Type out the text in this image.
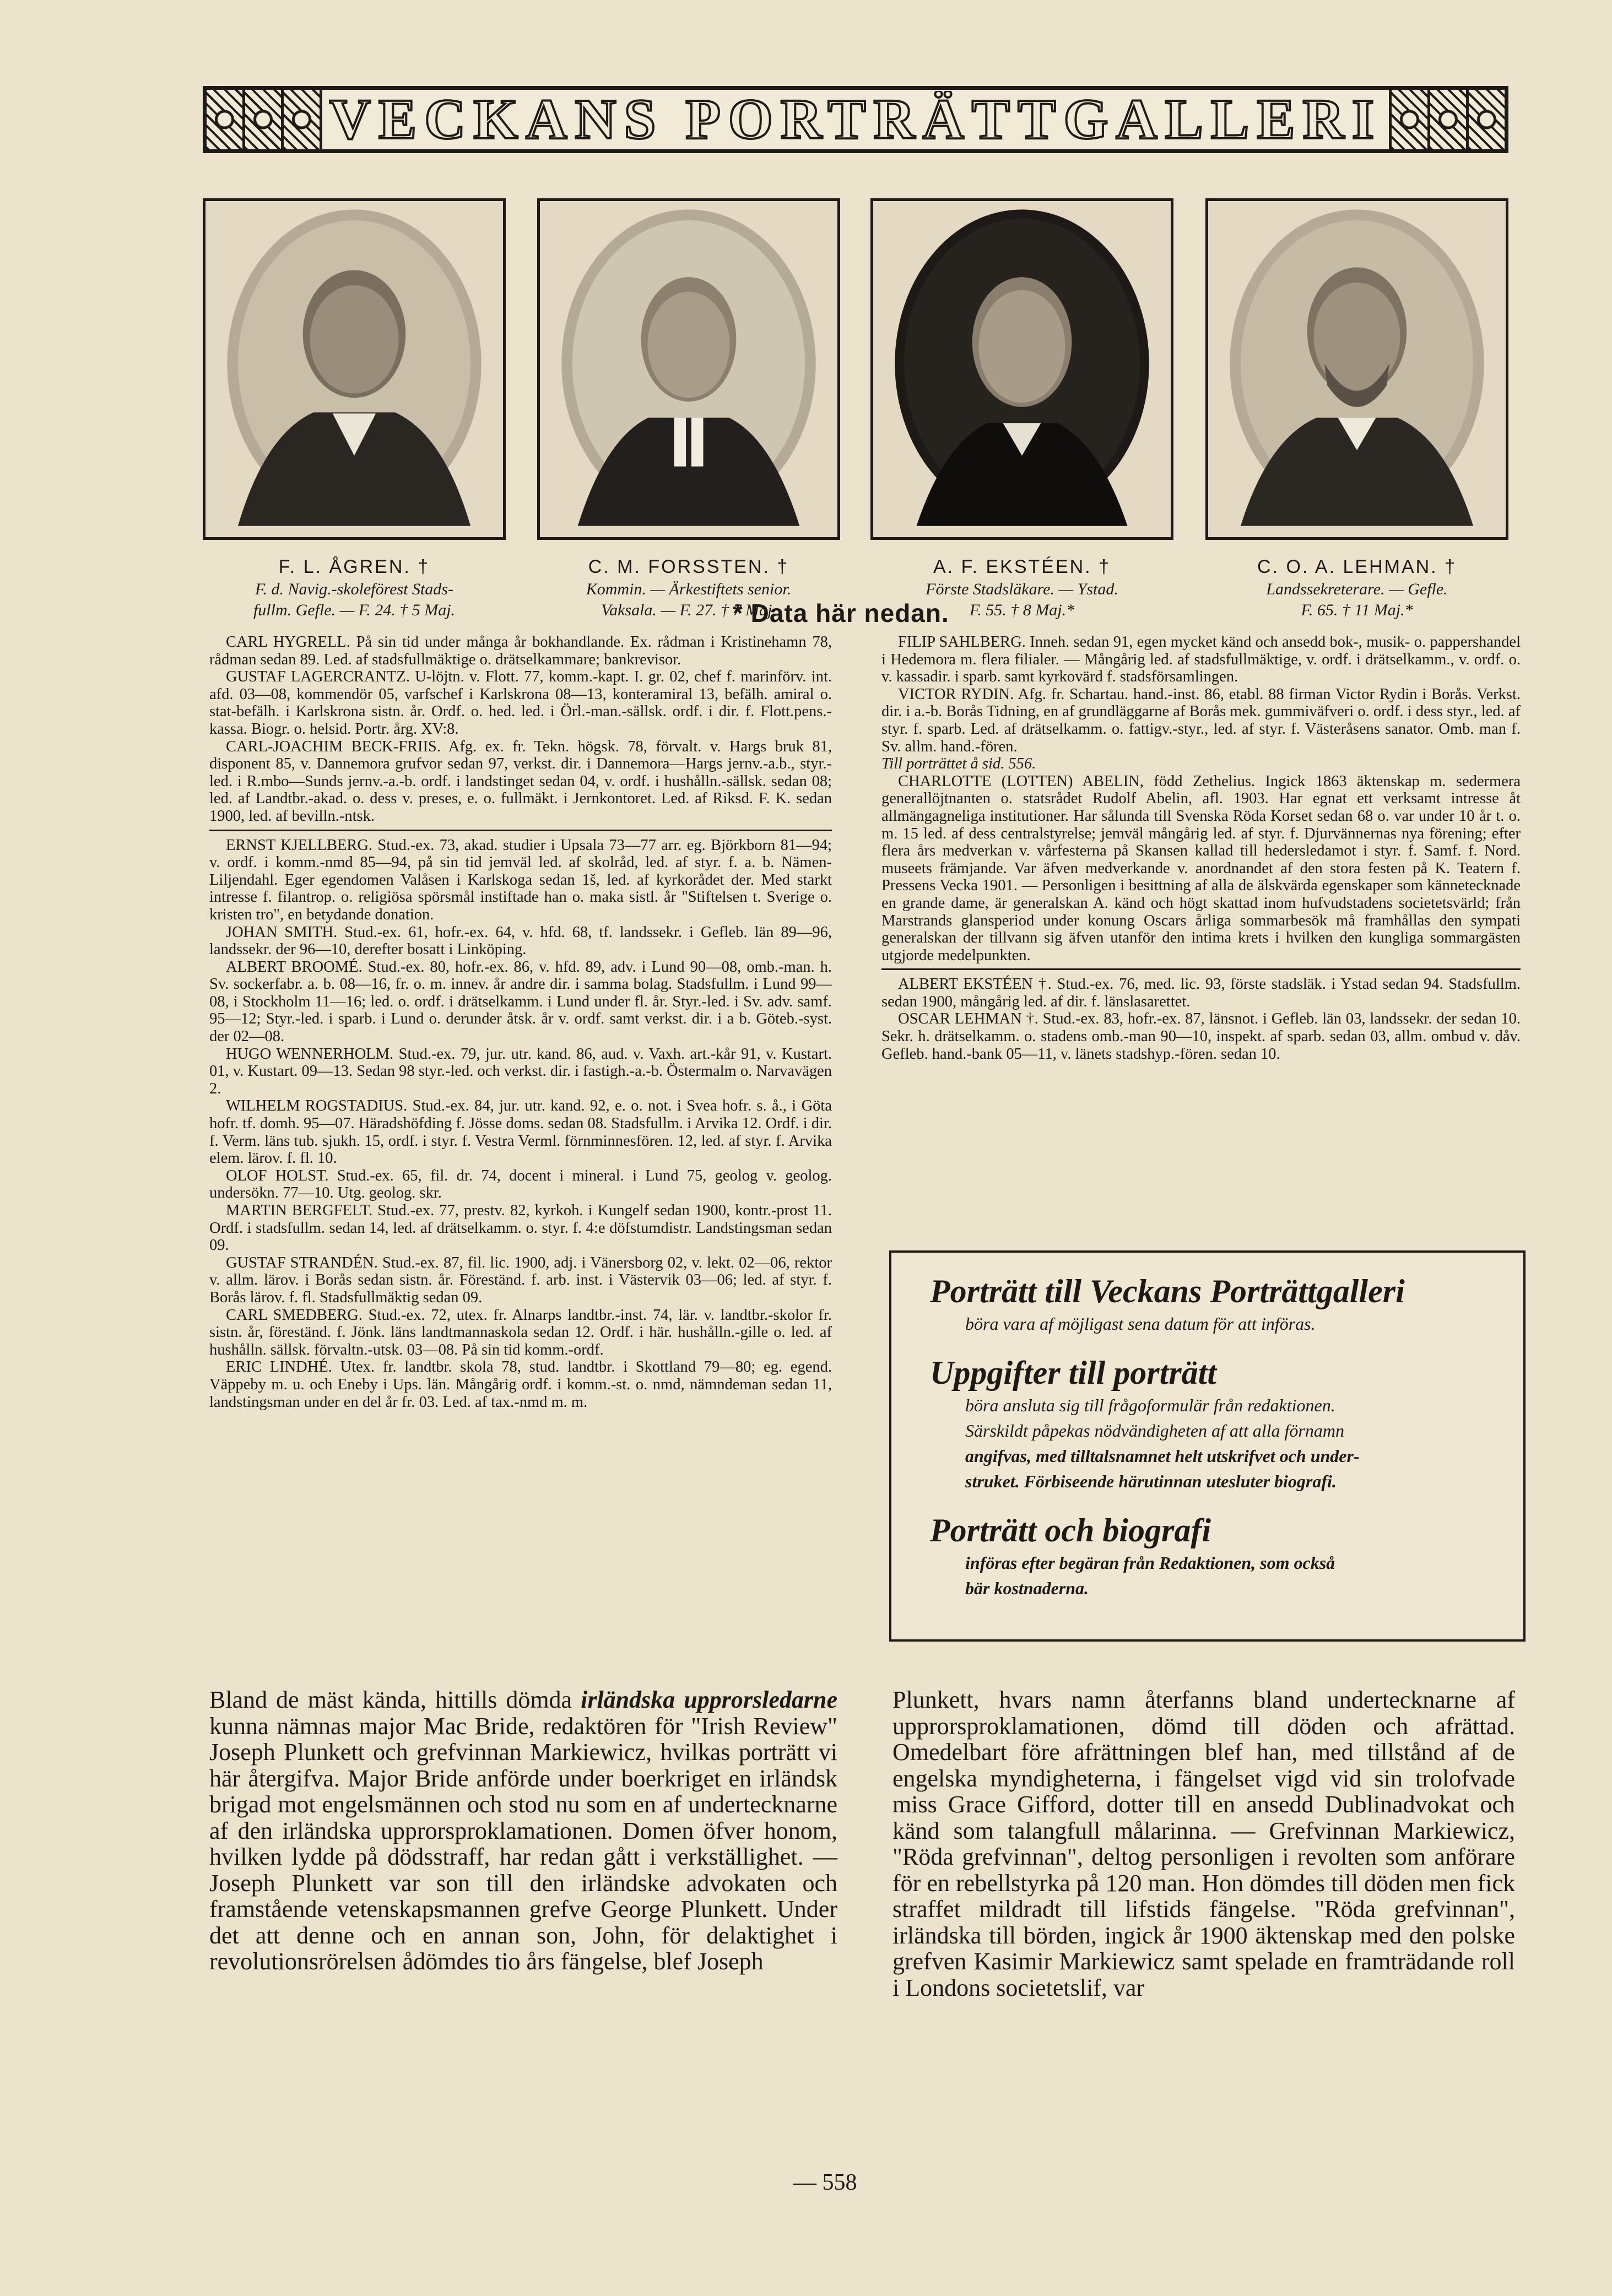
VECKANS PORTRÄTTGALLERI
F. L. ÅGREN. †
F. d. Navig.-skoleförest Stads-
fullm. Gefle. — F. 24. † 5 Maj.
C. M. FORSSTEN. †
Kommin. — Ärkestiftets senior.
Vaksala. — F. 27. † 7 Maj.
A. F. EKSTÉEN. †
Förste Stadsläkare. — Ystad.
F. 55. † 8 Maj.*
C. O. A. LEHMAN. †
Landssekreterare. — Gefle.
F. 65. † 11 Maj.*
* Data här nedan.

CARL HYGRELL. På sin tid under många år bokhandlande. Ex. rådman i Kristinehamn 78, rådman sedan 89. Led. af stadsfullmäktige o. drätselkammare; bankrevisor.

GUSTAF LAGERCRANTZ. U-löjtn. v. Flott. 77, komm.-kapt. I. gr. 02, chef f. marinförv. int. afd. 03—08, kommendör 05, varfschef i Karlskrona 08—13, konteramiral 13, befälh. amiral o. stat-befälh. i Karlskrona sistn. år. Ordf. o. hed. led. i Örl.-man.-sällsk. ordf. i dir. f. Flott.pens.-kassa. Biogr. o. helsid. Portr. årg. XV:8.

CARL-JOACHIM BECK-FRIIS. Afg. ex. fr. Tekn. högsk. 78, förvalt. v. Hargs bruk 81, disponent 85, v. Dannemora grufvor sedan 97, verkst. dir. i Dannemora—Hargs jernv.-a.b., styr.-led. i R.mbo—Sunds jernv.-a.-b. ordf. i landstinget sedan 04, v. ordf. i hushålln.-sällsk. sedan 08; led. af Landtbr.-akad. o. dess v. preses, e. o. fullmäkt. i Jernkontoret. Led. af Riksd. F. K. sedan 1900, led. af bevilln.-ntsk.

ERNST KJELLBERG. Stud.-ex. 73, akad. studier i Upsala 73—77 arr. eg. Björkborn 81—94; v. ordf. i komm.-nmd 85—94, på sin tid jemväl led. af skolråd, led. af styr. f. a. b. Nämen-Liljendahl. Eger egendomen Valåsen i Karlskoga sedan 1š, led. af kyrkorådet der. Med starkt intresse f. filantrop. o. religiösa spörsmål instiftade han o. maka sistl. år "Stiftelsen t. Sverige o. kristen tro", en betydande donation.

JOHAN SMITH. Stud.-ex. 61, hofr.-ex. 64, v. hfd. 68, tf. landssekr. i Gefleb. län 89—96, landssekr. der 96—10, derefter bosatt i Linköping.

ALBERT BROOMÉ. Stud.-ex. 80, hofr.-ex. 86, v. hfd. 89, adv. i Lund 90—08, omb.-man. h. Sv. sockerfabr. a. b. 08—16, fr. o. m. innev. år andre dir. i samma bolag. Stadsfullm. i Lund 99—08, i Stockholm 11—16; led. o. ordf. i drätselkamm. i Lund under fl. år. Styr.-led. i Sv. adv. samf. 95—12; Styr.-led. i sparb. i Lund o. derunder åtsk. år v. ordf. samt verkst. dir. i a b. Göteb.-syst. der 02—08.

HUGO WENNERHOLM. Stud.-ex. 79, jur. utr. kand. 86, aud. v. Vaxh. art.-kår 91, v. Kustart. 01, v. Kustart. 09—13. Sedan 98 styr.-led. och verkst. dir. i fastigh.-a.-b. Östermalm o. Narvavägen 2.

WILHELM ROGSTADIUS. Stud.-ex. 84, jur. utr. kand. 92, e. o. not. i Svea hofr. s. å., i Göta hofr. tf. domh. 95—07. Häradshöfding f. Jösse doms. sedan 08. Stadsfullm. i Arvika 12. Ordf. i dir. f. Verm. läns tub. sjukh. 15, ordf. i styr. f. Vestra Verml. förnminnesfören. 12, led. af styr. f. Arvika elem. lärov. f. fl. 10.

OLOF HOLST. Stud.-ex. 65, fil. dr. 74, docent i mineral. i Lund 75, geolog v. geolog. undersökn. 77—10. Utg. geolog. skr.

MARTIN BERGFELT. Stud.-ex. 77, prestv. 82, kyrkoh. i Kungelf sedan 1900, kontr.-prost 11. Ordf. i stadsfullm. sedan 14, led. af drätselkamm. o. styr. f. 4:e döfstumdistr. Landstingsman sedan 09.

GUSTAF STRANDÉN. Stud.-ex. 87, fil. lic. 1900, adj. i Vänersborg 02, v. lekt. 02—06, rektor v. allm. lärov. i Borås sedan sistn. år. Föreständ. f. arb. inst. i Västervik 03—06; led. af styr. f. Borås lärov. f. fl. Stadsfullmäktig sedan 09.

CARL SMEDBERG. Stud.-ex. 72, utex. fr. Alnarps landtbr.-inst. 74, lär. v. landtbr.-skolor fr. sistn. år, föreständ. f. Jönk. läns landtmannaskola sedan 12. Ordf. i här. hushålln.-gille o. led. af hushålln. sällsk. förvaltn.-utsk. 03—08. På sin tid komm.-ordf.

ERIC LINDHÉ. Utex. fr. landtbr. skola 78, stud. landtbr. i Skottland 79—80; eg. egend. Väppeby m. u. och Eneby i Ups. län. Mångårig ordf. i komm.-st. o. nmd, nämndeman sedan 11, landstingsman under en del år fr. 03. Led. af tax.-nmd m. m.

FILIP SAHLBERG. Inneh. sedan 91, egen mycket känd och ansedd bok-, musik- o. pappershandel i Hedemora m. flera filialer. — Mångårig led. af stadsfullmäktige, v. ordf. i drätselkamm., v. ordf. o. v. kassadir. i sparb. samt kyrkovärd f. stadsförsamlingen.

VICTOR RYDIN. Afg. fr. Schartau. hand.-inst. 86, etabl. 88 firman Victor Rydin i Borås. Verkst. dir. i a.-b. Borås Tidning, en af grundläggarne af Borås mek. gummiväfveri o. ordf. i dess styr., led. af styr. f. sparb. Led. af drätselkamm. o. fattigv.-styr., led. af styr. f. Västeråsens sanator. Omb. man f. Sv. allm. hand.-fören.

Till porträttet å sid. 556.

CHARLOTTE (LOTTEN) ABELIN, född Zethelius. Ingick 1863 äktenskap m. sedermera generallöjtnanten o. statsrådet Rudolf Abelin, afl. 1903. Har egnat ett verksamt intresse åt allmängagneliga institutioner. Har sålunda till Svenska Röda Korset sedan 68 o. var under 10 år t. o. m. 15 led. af dess centralstyrelse; jemväl mångårig led. af styr. f. Djurvännernas nya förening; efter flera års medverkan v. vårfesterna på Skansen kallad till hedersledamot i styr. f. Samf. f. Nord. museets främjande. Var äfven medverkande v. anordnandet af den stora festen på K. Teatern f. Pressens Vecka 1901. — Personligen i besittning af alla de älskvärda egenskaper som kännetecknade en grande dame, är generalskan A. känd och högt skattad inom hufvudstadens societetsvärld; från Marstrands glansperiod under konung Oscars årliga sommarbesök må framhållas den sympati generalskan der tillvann sig äfven utanför den intima krets i hvilken den kungliga sommargästen utgjorde medelpunkten.

ALBERT EKSTÉEN †. Stud.-ex. 76, med. lic. 93, förste stadsläk. i Ystad sedan 94. Stadsfullm. sedan 1900, mångårig led. af dir. f. länslasarettet.

OSCAR LEHMAN †. Stud.-ex. 83, hofr.-ex. 87, länsnot. i Gefleb. län 03, landssekr. der sedan 10. Sekr. h. drätselkamm. o. stadens omb.-man 90—10, inspekt. af sparb. sedan 03, allm. ombud v. dåv. Gefleb. hand.-bank 05—11, v. länets stadshyp.-fören. sedan 10.

Porträtt till Veckans Porträttgalleri

böra vara af möjligast sena datum för att införas.

Uppgifter till porträtt

böra ansluta sig till frågoformulär från redaktionen.

Särskildt påpekas nödvändigheten af att alla förnamn

angifvas, med tilltalsnamnet helt utskrifvet och under-

struket. Förbiseende härutinnan utesluter biografi.

Porträtt och biografi

införas efter begäran från Redaktionen, som också

bär kostnaderna.

Bland de mäst kända, hittills dömda irländska upprorsledarne kunna nämnas major Mac Bride, redaktören för "Irish Review" Joseph Plunkett och grefvinnan Markiewicz, hvilkas porträtt vi här återgifva. Major Bride anförde under boerkriget en irländsk brigad mot engelsmännen och stod nu som en af undertecknarne af den irländska upprorsproklamationen. Domen öfver honom, hvilken lydde på dödsstraff, har redan gått i verkställighet. — Joseph Plunkett var son till den irländske advokaten och framstående vetenskapsmannen grefve George Plunkett. Under det att denne och en annan son, John, för delaktighet i revolutionsrörelsen ådömdes tio års fängelse, blef Joseph
Plunkett, hvars namn återfanns bland undertecknarne af upprorsproklamationen, dömd till döden och afrättad. Omedelbart före afrättningen blef han, med tillstånd af de engelska myndigheterna, i fängelset vigd vid sin trolofvade miss Grace Gifford, dotter till en ansedd Dublinadvokat och känd som talangfull målarinna. — Grefvinnan Markiewicz, "Röda grefvinnan", deltog personligen i revolten som anförare för en rebellstyrka på 120 man. Hon dömdes till döden men fick straffet mildradt till lifstids fängelse. "Röda grefvinnan", irländska till börden, ingick år 1900 äktenskap med den polske grefven Kasimir Markiewicz samt spelade en framträdande roll i Londons societetslif, var
— 558
